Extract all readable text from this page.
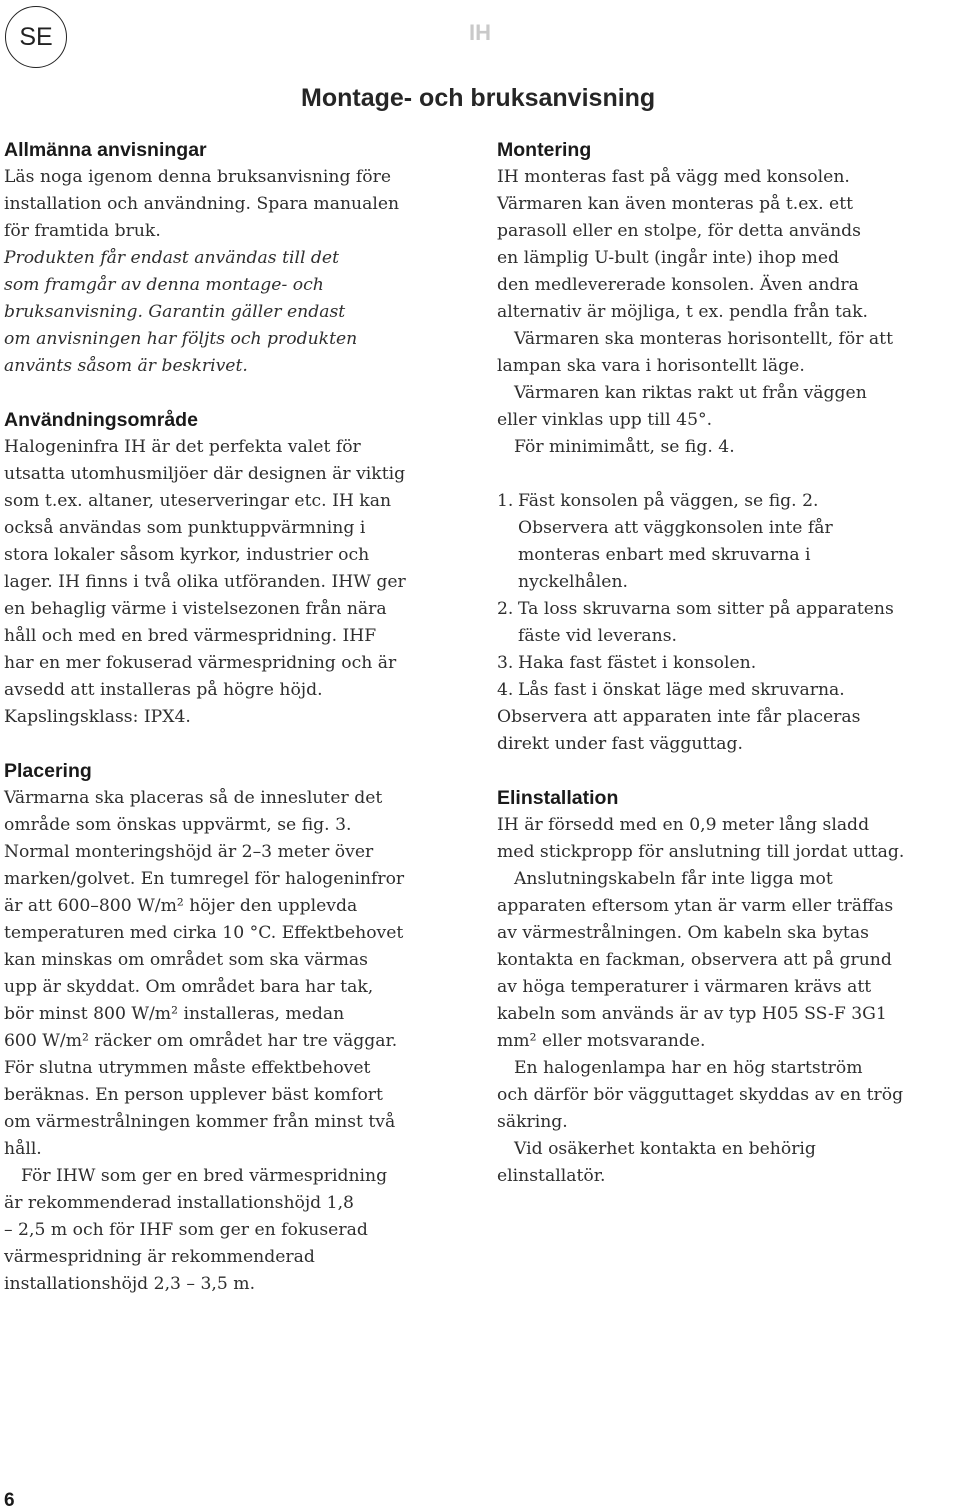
SE	IH
Montage- och bruksanvisning
Allmänna anvisningar
Läs noga igenom denna bruksanvisning före
installation och användning. Spara manualen
för framtida bruk.
Produkten får endast användas till det
som framgår av denna montage- och
bruksanvisning. Garantin gäller endast
om anvisningen har följts och produkten
använts såsom är beskrivet.
Användningsområde
Halogeninfra IH är det perfekta valet för
utsatta utomhusmiljöer där designen är viktig
som t.ex. altaner, uteserveringar etc. IH kan
också användas som punktuppvärmning i
stora lokaler såsom kyrkor, industrier och
lager. IH finns i två olika utföranden. IHW ger
en behaglig värme i vistelsezonen från nära
håll och med en bred värmespridning. IHF
har en mer fokuserad värmespridning och är
avsedd att installeras på högre höjd.
Kapslingsklass: IPX4.
Placering
Värmarna ska placeras så de innesluter det
område som önskas uppvärmt, se fig. 3.
Normal monteringshöjd är 2–3 meter över
marken/golvet. En tumregel för halogeninfror
är att 600–800 W/m² höjer den upplevda
temperaturen med cirka 10 °C. Effektbehovet
kan minskas om området som ska värmas
upp är skyddat. Om området bara har tak,
bör minst 800 W/m² installeras, medan
600 W/m² räcker om området har tre väggar.
För slutna utrymmen måste effektbehovet
beräknas. En person upplever bäst komfort
om värmestrålningen kommer från minst två
håll.
För IHW som ger en bred värmespridning
är rekommenderad installationshöjd 1,8
– 2,5 m och för IHF som ger en fokuserad
värmespridning är rekommenderad
installationshöjd 2,3 – 3,5 m.
Montering
IH monteras fast på vägg med konsolen.
Värmaren kan även monteras på t.ex. ett
parasoll eller en stolpe, för detta används
en lämplig U-bult (ingår inte) ihop med
den medlevererade konsolen. Även andra
alternativ är möjliga, t ex. pendla från tak.
Värmaren ska monteras horisontellt, för att
lampan ska vara i horisontellt läge.
Värmaren kan riktas rakt ut från väggen
eller vinklas upp till 45°.
För minimimått, se fig. 4.
1. Fäst konsolen på väggen, se fig. 2.
Observera att väggkonsolen inte får
monteras enbart med skruvarna i
nyckelhålen.
2. Ta loss skruvarna som sitter på apparatens
fäste vid leverans.
3. Haka fast fästet i konsolen.
4. Lås fast i önskat läge med skruvarna.
Observera att apparaten inte får placeras
direkt under fast vägguttag.
Elinstallation
IH är försedd med en 0,9 meter lång sladd
med stickpropp för anslutning till jordat uttag.
Anslutningskabeln får inte ligga mot
apparaten eftersom ytan är varm eller träffas
av värmestrålningen. Om kabeln ska bytas
kontakta en fackman, observera att på grund
av höga temperaturer i värmaren krävs att
kabeln som används är av typ H05 SS-F 3G1
mm² eller motsvarande.
En halogenlampa har en hög startström
och därför bör vägguttaget skyddas av en trög
säkring.
Vid osäkerhet kontakta en behörig
elinstallatör.
6
